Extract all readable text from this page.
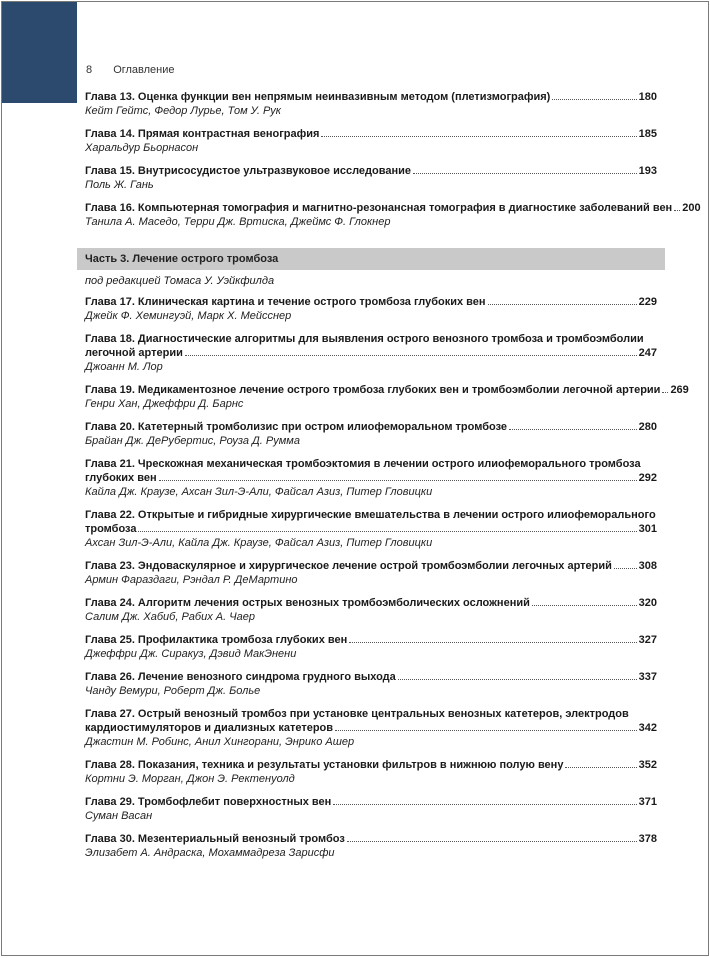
8 Оглавление
Глава 13. Оценка функции вен непрямым неинвазивным методом (плетизмография)	180
Кейт Гейтс, Федор Лурье, Том У. Рук
Глава 14. Прямая контрастная венография	185
Харальдур Бьорнасон
Глава 15. Внутрисосудистое ультразвуковое исследование	193
Поль Ж. Гань
Глава 16. Компьютерная томография и магнитно-резонансная томография в диагностике заболеваний вен 200
Танила А. Маседо, Терри Дж. Вртиска, Джеймс Ф. Глокнер
Часть 3. Лечение острого тромбоза
под редакцией Томаса У. Уэйкфилда
Глава 17. Клиническая картина и течение острого тромбоза глубоких вен	229
Джейк Ф. Хемингуэй, Марк Х. Мейсснер
Глава 18. Диагностические алгоритмы для выявления острого венозного тромбоза и тромбоэмболии
легочной артерии	247
Джоанн М. Лор
Глава 19. Медикаментозное лечение острого тромбоза глубоких вен и тромбоэмболии легочной артерии 269
Генри Хан, Джеффри Д. Барнс
Глава 20. Катетерный тромболизис при остром илиофеморальном тромбозе	280
Брайан Дж. ДеРубертис, Роуза Д. Румма
Глава 21. Чрескожная механическая тромбоэктомия в лечении острого илиофеморального тромбоза
глубоких вен	292
Кайла Дж. Краузе, Ахсан Зил-Э-Али, Файсал Азиз, Питер Гловицки
Глава 22. Открытые и гибридные хирургические вмешательства в лечении острого илиофеморального
тромбоза	301
Ахсан Зил-Э-Али, Кайла Дж. Краузе, Файсал Азиз, Питер Гловицки
Глава 23. Эндоваскулярное и хирургическое лечение острой тромбоэмболии легочных артерий 308
Армин Фараздаги, Рэндал Р. ДеМартино
Глава 24. Алгоритм лечения острых венозных тромбоэмболических осложнений	320
Салим Дж. Хабиб, Рабих А. Чаер
Глава 25. Профилактика тромбоза глубоких вен	327
Джеффри Дж. Сиракуз, Дэвид МакЭнени
Глава 26. Лечение венозного синдрома грудного выхода	337
Чанду Вемури, Роберт Дж. Больe
Глава 27. Острый венозный тромбоз при установке центральных венозных катетеров, электродов
кардиостимуляторов и диализных катетеров	342
Джастин М. Робинс, Анил Хингорани, Энрико Ашер
Глава 28. Показания, техника и результаты установки фильтров в нижнюю полую вену	352
Кортни Э. Морган, Джон Э. Ректенуолд
Глава 29. Тромбофлебит поверхностных вен	371
Суман Васан
Глава 30. Мезентериальный венозный тромбоз	378
Элизабет А. Андраска, Мохаммадреза Зарисфи
